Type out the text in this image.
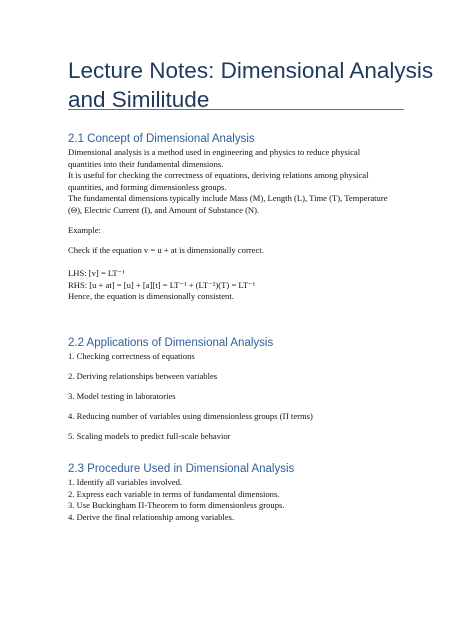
Lecture Notes: Dimensional Analysis
and Similitude
2.1 Concept of Dimensional Analysis
Dimensional analysis is a method used in engineering and physics to reduce physical
quantities into their fundamental dimensions.
It is useful for checking the correctness of equations, deriving relations among physical
quantities, and forming dimensionless groups.
The fundamental dimensions typically include Mass (M), Length (L), Time (T), Temperature
(Θ), Electric Current (I), and Amount of Substance (N).
Example:
Check if the equation v = u + at is dimensionally correct.
LHS: [v] = LT⁻¹
RHS: [u + at] = [u] + [a][t] = LT⁻¹ + (LT⁻²)(T) = LT⁻¹
Hence, the equation is dimensionally consistent.
2.2 Applications of Dimensional Analysis
1. Checking correctness of equations
2. Deriving relationships between variables
3. Model testing in laboratories
4. Reducing number of variables using dimensionless groups (Π terms)
5. Scaling models to predict full-scale behavior
2.3 Procedure Used in Dimensional Analysis
1. Identify all variables involved.
2. Express each variable in terms of fundamental dimensions.
3. Use Buckingham Π-Theorem to form dimensionless groups.
4. Derive the final relationship among variables.
